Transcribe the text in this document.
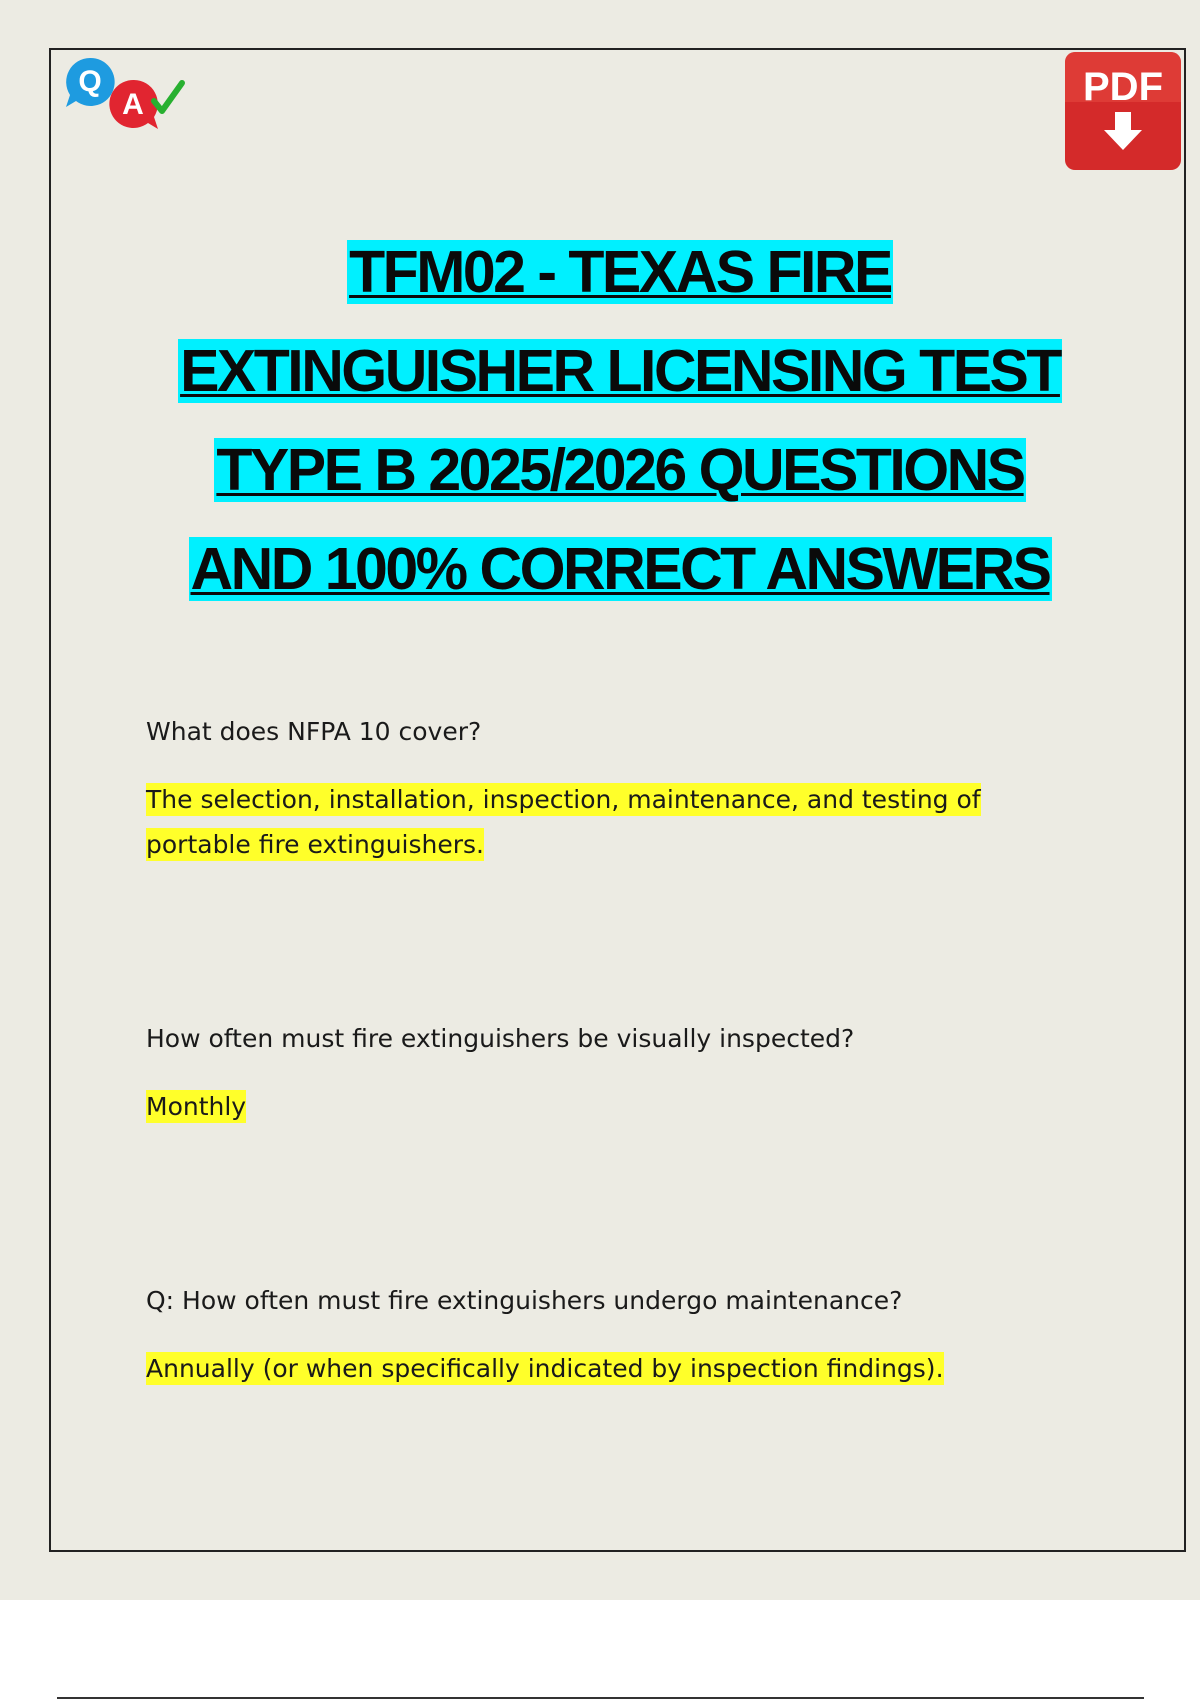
Q
A	PDF
TFM02 - TEXAS FIRE
EXTINGUISHER LICENSING TEST
TYPE B 2025/2026 QUESTIONS
AND 100% CORRECT ANSWERS
What does NFPA 10 cover?
The selection, installation, inspection, maintenance, and testing of
portable fire extinguishers.
How often must fire extinguishers be visually inspected?
Monthly
Q: How often must fire extinguishers undergo maintenance?
Annually (or when specifically indicated by inspection findings).
